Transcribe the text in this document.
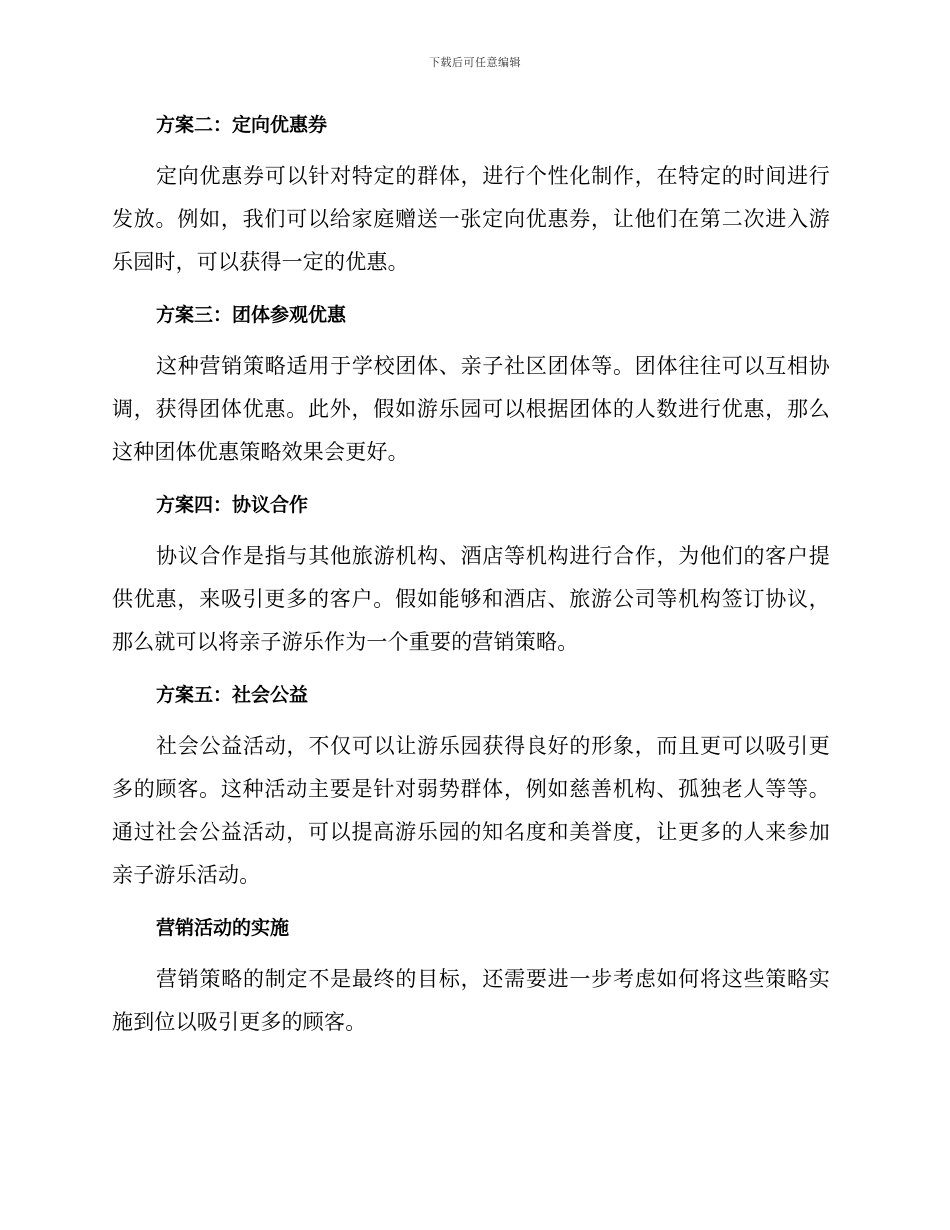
下载后可任意编辑
方案二：定向优惠券

定向优惠券可以针对特定的群体，进行个性化制作，在特定的时间进行发放。例如，我们可以给家庭赠送一张定向优惠券，让他们在第二次进入游乐园时，可以获得一定的优惠。

方案三：团体参观优惠

这种营销策略适用于学校团体、亲子社区团体等。团体往往可以互相协调，获得团体优惠。此外，假如游乐园可以根据团体的人数进行优惠，那么这种团体优惠策略效果会更好。

方案四：协议合作

协议合作是指与其他旅游机构、酒店等机构进行合作，为他们的客户提供优惠，来吸引更多的客户。假如能够和酒店、旅游公司等机构签订协议，那么就可以将亲子游乐作为一个重要的营销策略。

方案五：社会公益

社会公益活动，不仅可以让游乐园获得良好的形象，而且更可以吸引更多的顾客。这种活动主要是针对弱势群体，例如慈善机构、孤独老人等等。通过社会公益活动，可以提高游乐园的知名度和美誉度，让更多的人来参加亲子游乐活动。

营销活动的实施

营销策略的制定不是最终的目标，还需要进一步考虑如何将这些策略实施到位以吸引更多的顾客。
